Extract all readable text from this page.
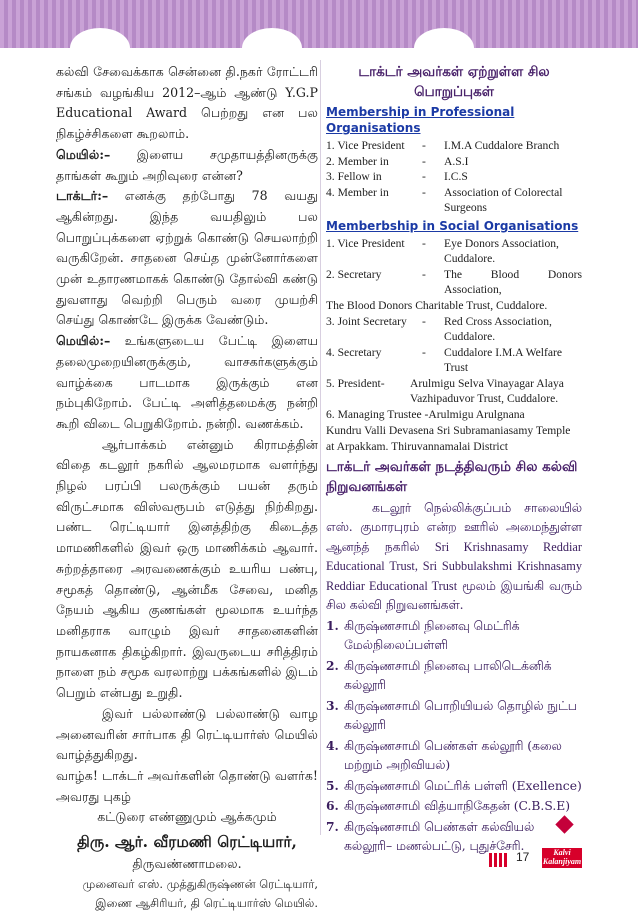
கல்வி சேவைக்காக சென்னை தி.நகர் ரோட்டரி சங்கம் வழங்கிய 2012–ஆம் ஆண்டு Y.G.P Educational Award பெற்றது என பல நிகழ்ச்சிகளை கூறலாம்.

மெயில்:– இளைய சமுதாயத்தினருக்கு தாங்கள் கூறும் அறிவுரை என்ன?

டாக்டர்:– எனக்கு தற்போது 78 வயது ஆகின்றது. இந்த வயதிலும் பல பொறுப்புக்களை ஏற்றுக் கொண்டு செயலாற்றி வருகிறேன். சாதனை செய்த முன்னோர்களை முன் உதாரணமாகக் கொண்டு தோல்வி கண்டு துவளாது வெற்றி பெரும் வரை முயற்சி செய்து கொண்டே இருக்க வேண்டும்.

மெயில்:– உங்களுடைய பேட்டி இளைய தலைமுறையினருக்கும், வாசகர்களுக்கும் வாழ்க்கை பாடமாக இருக்கும் என நம்புகிறோம். பேட்டி அளித்தமைக்கு நன்றி கூறி விடை பெறுகிறோம். நன்றி. வணக்கம்.

ஆர்பாக்கம் என்னும் கிராமத்தின் விதை கடலூர் நகரில் ஆலமரமாக வளர்ந்து நிழல் பரப்பி பலருக்கும் பயன் தரும் விருட்சமாக விஸ்வரூபம் எடுத்து நிற்கிறது. பண்ட ரெட்டியார் இனத்திற்கு கிடைத்த மாமணிகளில் இவர் ஒரு மாணிக்கம் ஆவார். சுற்றத்தாரை அரவணைக்கும் உயரிய பண்பு, சமூகத் தொண்டு, ஆன்மீக சேவை, மனித நேயம் ஆகிய குணங்கள் மூலமாக உயர்ந்த மனிதராக வாழும் இவர் சாதனைகளின் நாயகனாக திகழ்கிறார். இவருடைய சரித்திரம் நாளை நம் சமூக வரலாற்று பக்கங்களில் இடம் பெறும் என்பது உறுதி.

இவர் பல்லாண்டு பல்லாண்டு வாழ அனைவரின் சார்பாக தி ரெட்டியார்ஸ் மெயில் வாழ்த்துகிறது.

வாழ்க! டாக்டர் அவர்களின் தொண்டு வளர்க! அவரது புகழ்

கட்டுரை எண்ணுமும் ஆக்கமும்

திரு. ஆர். வீரமணி ரெட்டியார்,

திருவண்ணாமலை.

முனைவர் எஸ். முத்துகிருஷ்ணன் ரெட்டியார்,

இணை ஆசிரியர், தி ரெட்டியார்ஸ் மெயில்.

டாக்டர் அவர்கள் ஏற்றுள்ள சில பொறுப்புகள்

Membership in Professional Organisations

1. Vice President	-	I.M.A Cuddalore Branch
2. Member in	-	A.S.I
3. Fellow in	-	I.C.S
4. Member in	-	Association of Colorectal Surgeons

Memberbship in Social Organisations

1. Vice President	-	Eye Donors Association, Cuddalore.
2. Secretary	-	The Blood Donors Association,

The Blood Donors Charitable Trust, Cuddalore.

3. Joint Secretary	-	Red Cross Association, Cuddalore.
4. Secretary	-	Cuddalore I.M.A Welfare Trust
5. President-	Arulmigu Selva Vinayagar Alaya Vazhipaduvor Trust, Cuddalore.

6. Managing Trustee -Arulmigu Arulgnana

Kundru Valli Devasena Sri Subramaniasamy Temple

at Arpakkam. Thiruvannamalai District

டாக்டர் அவர்கள் நடத்திவரும் சில கல்வி நிறுவனங்கள்

கடலூர் நெல்லிக்குப்பம் சாலையில் எஸ். குமாரபுரம் என்ற ஊரில் அமைந்துள்ள ஆனந்த் நகரில் Sri Krishnasamy Reddiar Educational Trust, Sri Subbulakshmi Krishnasamy Reddiar Educational Trust மூலம் இயங்கி வரும் சில கல்வி நிறுவனங்கள்.

1. கிருஷ்ணசாமி நினைவு மெட்ரிக் மேல்நிலைப்பள்ளி

2. கிருஷ்ணசாமி நினைவு பாலிடெக்னிக் கல்லூரி

3. கிருஷ்ணசாமி பொறியியல் தொழில் நுட்ப கல்லூரி

4. கிருஷ்ணசாமி பெண்கள் கல்லூரி (கலை மற்றும் அறிவியல்)

5. கிருஷ்ணசாமி மெட்ரிக் பள்ளி (Exellence)

6. கிருஷ்ணசாமி வித்யாநிகேதன் (C.B.S.E)

7. கிருஷ்ணசாமி பெண்கள் கல்வியல் கல்லூரி– மணல்பட்டு, புதுச்சேரி.

17	Kalvi Kalanjiyam
